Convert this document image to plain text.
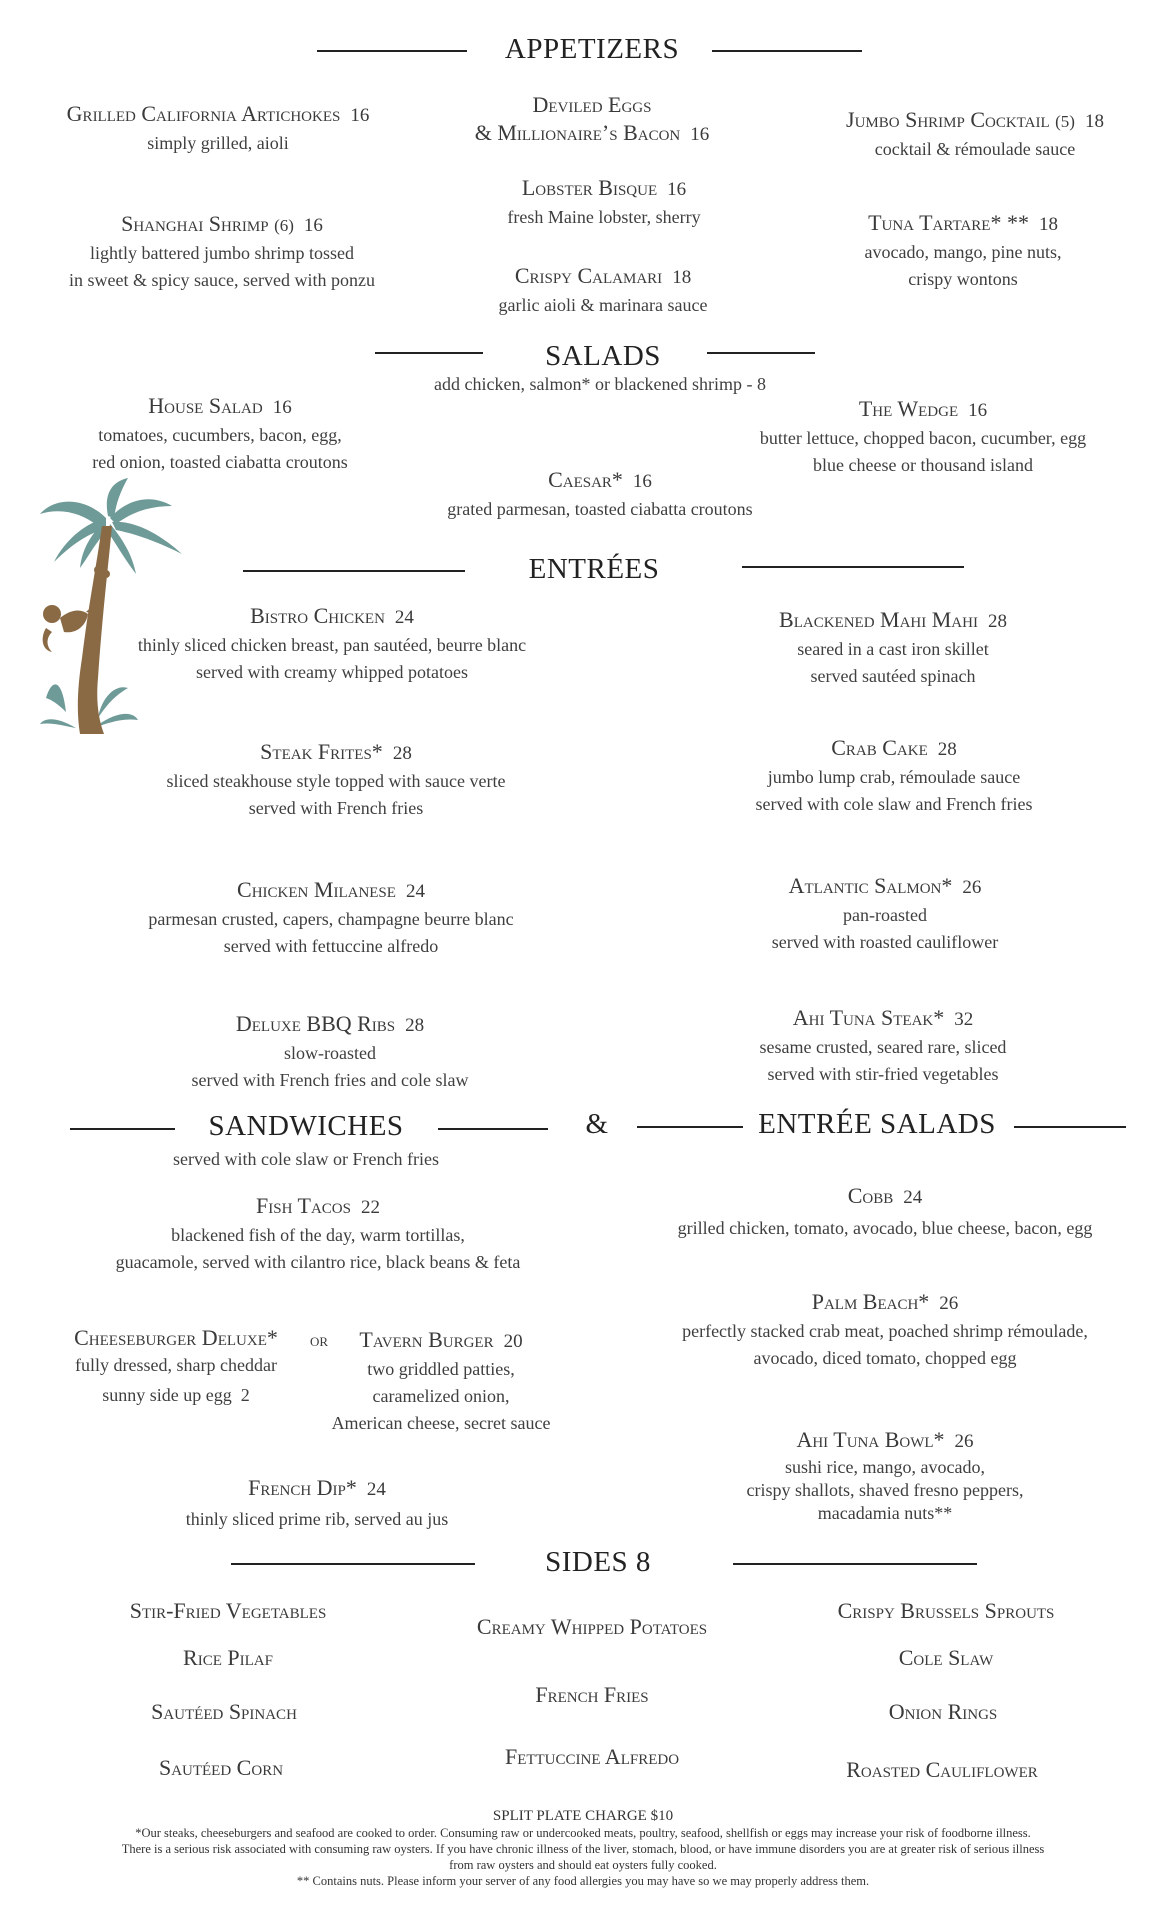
APPETIZERS
Grilled California Artichokes 16
simply grilled, aioli
Deviled Eggs
& Millionaire’s Bacon 16
Jumbo Shrimp Cocktail (5) 18
cocktail & rémoulade sauce
Shanghai Shrimp (6) 16
lightly battered jumbo shrimp tossed
in sweet & spicy sauce, served with ponzu
Lobster Bisque 16
fresh Maine lobster, sherry	Tuna Tartare* ** 18
avocado, mango, pine nuts,
crispy wontons
Crispy Calamari 18
garlic aioli & marinara sauce
SALADS
add chicken, salmon* or blackened shrimp - 8
House Salad 16
tomatoes, cucumbers, bacon, egg,
red onion, toasted ciabatta croutons
The Wedge 16
butter lettuce, chopped bacon, cucumber, egg
blue cheese or thousand island
Caesar* 16
grated parmesan, toasted ciabatta croutons
ENTRÉES
Bistro Chicken 24
thinly sliced chicken breast, pan sautéed, beurre blanc
served with creamy whipped potatoes
Blackened Mahi Mahi 28
seared in a cast iron skillet
served sautéed spinach
Steak Frites* 28
sliced steakhouse style topped with sauce verte
served with French fries
Crab Cake 28
jumbo lump crab, rémoulade sauce
served with cole slaw and French fries
Chicken Milanese 24
parmesan crusted, capers, champagne beurre blanc
served with fettuccine alfredo
Atlantic Salmon* 26
pan-roasted
served with roasted cauliflower
Deluxe BBQ Ribs 28
slow-roasted
served with French fries and cole slaw
Ahi Tuna Steak* 32
sesame crusted, seared rare, sliced
served with stir-fried vegetables
SANDWICHES	&	ENTRÉE SALADS
served with cole slaw or French fries
Fish Tacos 22
blackened fish of the day, warm tortillas,
guacamole, served with cilantro rice, black beans & feta
Cheeseburger Deluxe*
fully dressed, sharp cheddar
sunny side up egg 2
or	Tavern Burger 20
two griddled patties,
caramelized onion,
American cheese, secret sauce
French Dip* 24
thinly sliced prime rib, served au jus
Cobb 24
grilled chicken, tomato, avocado, blue cheese, bacon, egg
Palm Beach* 26
perfectly stacked crab meat, poached shrimp rémoulade,
avocado, diced tomato, chopped egg
Ahi Tuna Bowl* 26
sushi rice, mango, avocado,
crispy shallots, shaved fresno peppers,
macadamia nuts**
SIDES 8
Stir-Fried Vegetables
Rice Pilaf
Sautéed Spinach
Sautéed Corn
Creamy Whipped Potatoes
French Fries
Fettuccine Alfredo
Crispy Brussels Sprouts
Cole Slaw
Onion Rings
Roasted Cauliflower
SPLIT PLATE CHARGE $10
*Our steaks, cheeseburgers and seafood are cooked to order. Consuming raw or undercooked meats, poultry, seafood, shellfish or eggs may increase your risk of foodborne illness.
There is a serious risk associated with consuming raw oysters. If you have chronic illness of the liver, stomach, blood, or have immune disorders you are at greater risk of serious illness
from raw oysters and should eat oysters fully cooked.
** Contains nuts. Please inform your server of any food allergies you may have so we may properly address them.
